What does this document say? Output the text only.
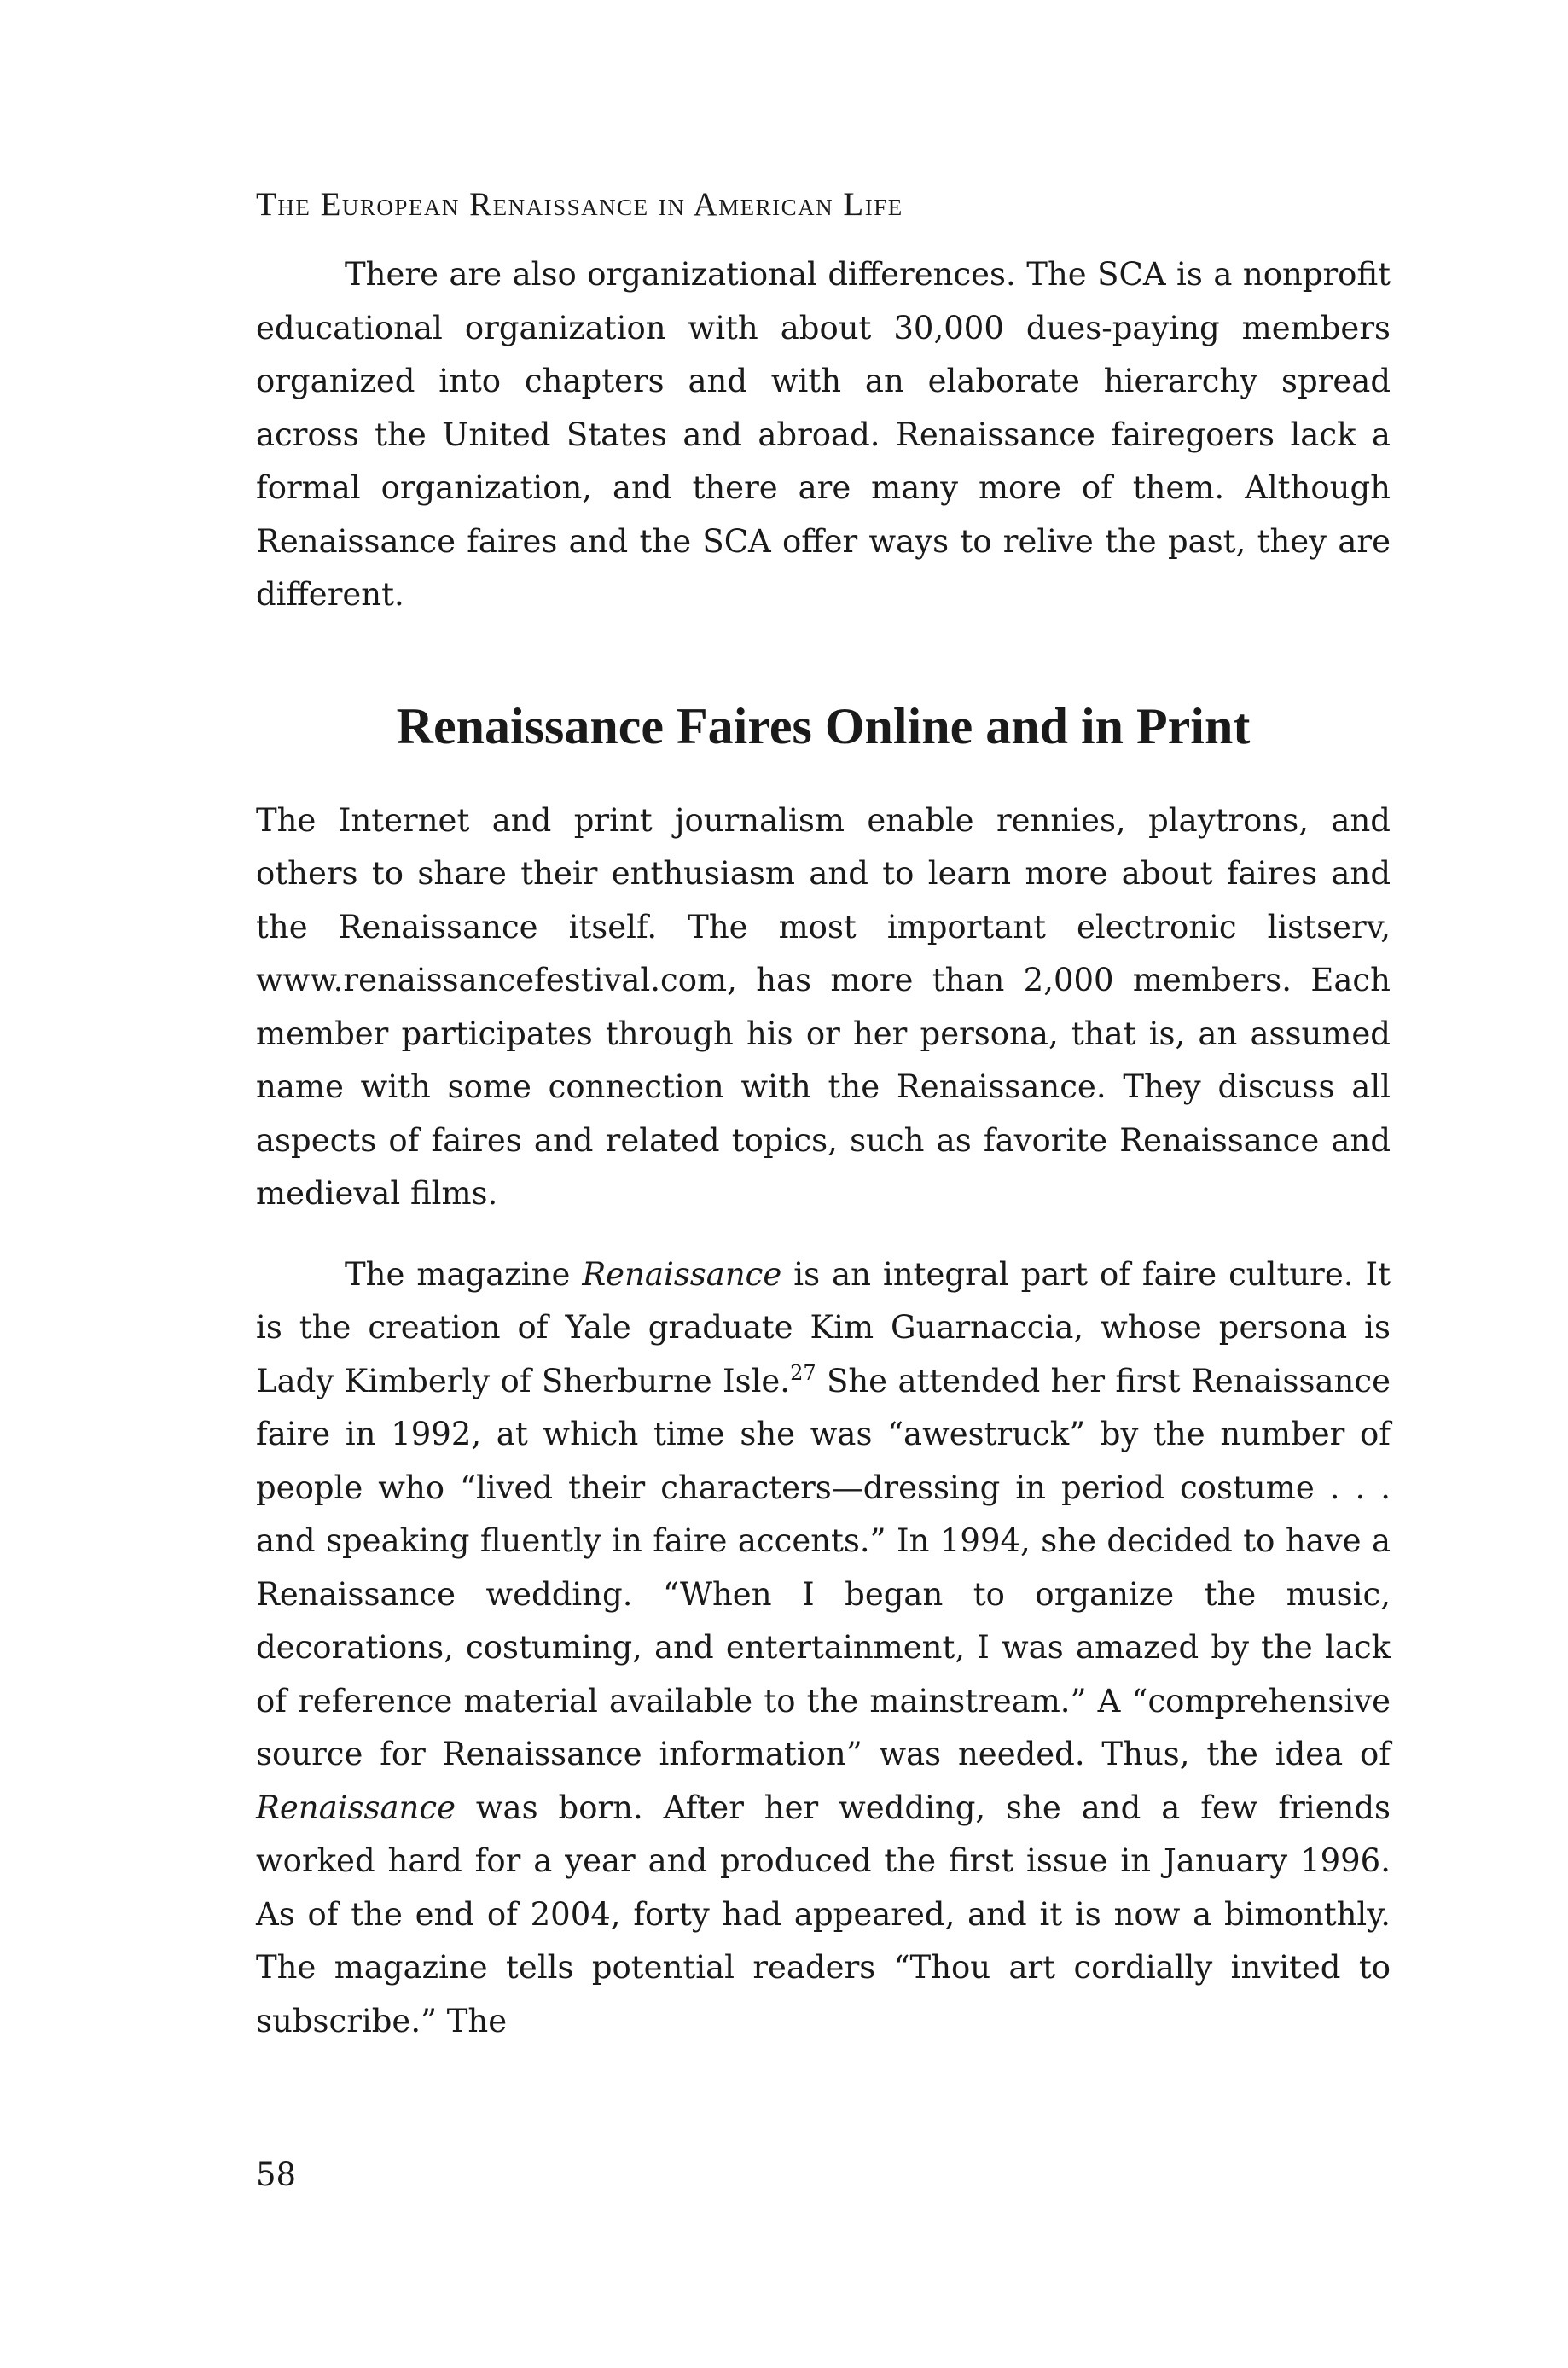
The European Renaissance in American Life

There are also organizational differences. The SCA is a nonprofit educational organization with about 30,000 dues-paying members organized into chapters and with an elaborate hierarchy spread across the United States and abroad. Renaissance fairegoers lack a formal organization, and there are many more of them. Although Renaissance faires and the SCA offer ways to relive the past, they are different.

Renaissance Faires Online and in Print

The Internet and print journalism enable rennies, playtrons, and others to share their enthusiasm and to learn more about faires and the Renaissance itself. The most important electronic listserv, www.renaissancefestival.com, has more than 2,000 members. Each member participates through his or her persona, that is, an assumed name with some connection with the Renaissance. They discuss all aspects of faires and related topics, such as favorite Renaissance and medieval films.

The magazine Renaissance is an integral part of faire culture. It is the creation of Yale graduate Kim Guarnaccia, whose persona is Lady Kimberly of Sherburne Isle.$^{27}$ She attended her first Renaissance faire in 1992, at which time she was “awestruck” by the number of people who “lived their characters—dressing in period costume . . . and speaking fluently in faire accents.” In 1994, she decided to have a Renaissance wedding. “When I began to organize the music, decorations, costuming, and entertainment, I was amazed by the lack of reference material available to the mainstream.” A “comprehensive source for Renaissance information” was needed. Thus, the idea of Renaissance was born. After her wedding, she and a few friends worked hard for a year and produced the first issue in January 1996. As of the end of 2004, forty had appeared, and it is now a bimonthly. The magazine tells potential readers “Thou art cordially invited to subscribe.” The

58
